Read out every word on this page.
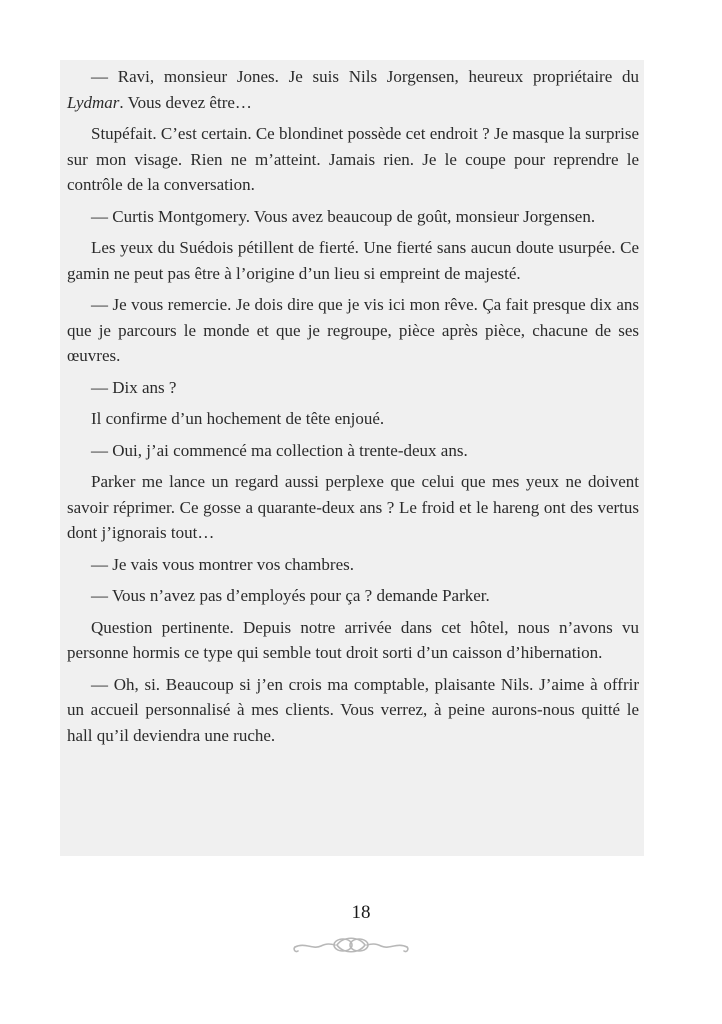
— Ravi, monsieur Jones. Je suis Nils Jorgensen, heureux propriétaire du Lydmar. Vous devez être…

Stupéfait. C’est certain. Ce blondinet possède cet endroit ? Je masque la surprise sur mon visage. Rien ne m’atteint. Jamais rien. Je le coupe pour reprendre le contrôle de la conversation.

— Curtis Montgomery. Vous avez beaucoup de goût, monsieur Jorgensen.

Les yeux du Suédois pétillent de fierté. Une fierté sans aucun doute usurpée. Ce gamin ne peut pas être à l’origine d’un lieu si empreint de majesté.

— Je vous remercie. Je dois dire que je vis ici mon rêve. Ça fait presque dix ans que je parcours le monde et que je regroupe, pièce après pièce, chacune de ses œuvres.

— Dix ans ?

Il confirme d’un hochement de tête enjoué.

— Oui, j’ai commencé ma collection à trente-deux ans.

Parker me lance un regard aussi perplexe que celui que mes yeux ne doivent savoir réprimer. Ce gosse a quarante-deux ans ? Le froid et le hareng ont des vertus dont j’ignorais tout…

— Je vais vous montrer vos chambres.

— Vous n’avez pas d’employés pour ça ? demande Parker.

Question pertinente. Depuis notre arrivée dans cet hôtel, nous n’avons vu personne hormis ce type qui semble tout droit sorti d’un caisson d’hibernation.

— Oh, si. Beaucoup si j’en crois ma comptable, plaisante Nils. J’aime à offrir un accueil personnalisé à mes clients. Vous verrez, à peine aurons-nous quitté le hall qu’il deviendra une ruche.

18
